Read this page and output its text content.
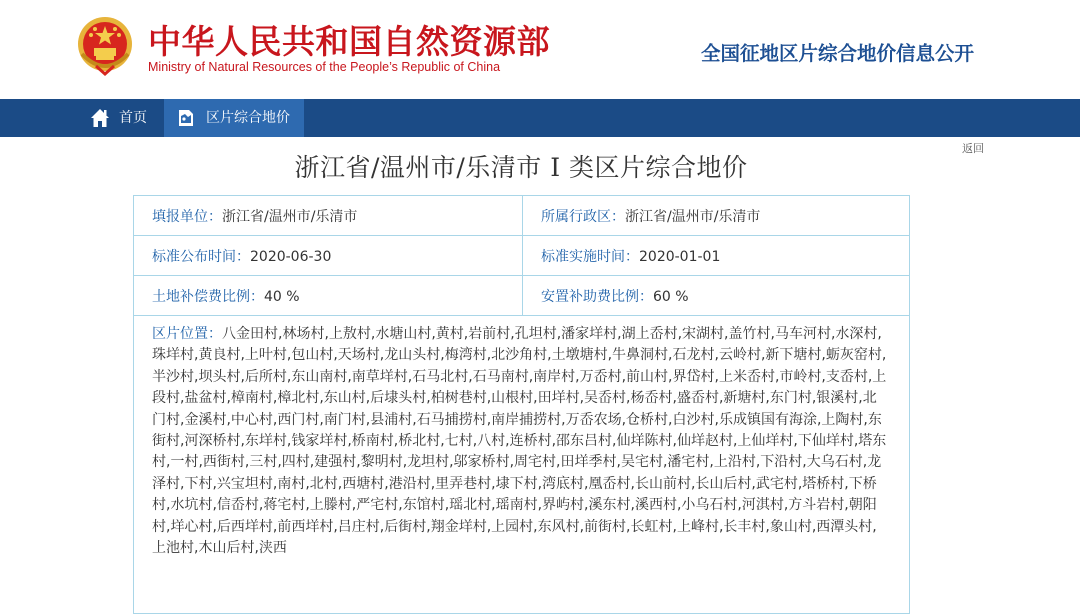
中华人民共和国自然资源部
Ministry of Natural Resources of the People’s Republic of China
全国征地区片综合地价信息公开
首页	区片综合地价
返回
浙江省/温州市/乐清市 I 类区片综合地价
填报单位：浙江省/温州市/乐清市	所属行政区：浙江省/温州市/乐清市
标准公布时间：2020-06-30	标准实施时间：2020-01-01
土地补偿费比例：40 %	安置补助费比例：60 %
区片位置：八金田村,林场村,上敖村,水塘山村,黄村,岩前村,孔坦村,潘家垟村,湖上岙村,宋湖村,盖竹村,马车河村,水深村,珠垟村,黄良村,上叶村,包山村,天场村,龙山头村,梅湾村,北沙角村,土墩塘村,牛鼻洞村,石龙村,云岭村,新下塘村,蛎灰窑村,半沙村,坝头村,后所村,东山南村,南草垟村,石马北村,石马南村,南岸村,万岙村,前山村,界岱村,上米岙村,市岭村,支岙村,上段村,盐盆村,樟南村,樟北村,东山村,后埭头村,柏树巷村,山根村,田垟村,吴岙村,杨岙村,盛岙村,新塘村,东门村,银溪村,北门村,金溪村,中心村,西门村,南门村,县浦村,石马捕捞村,南岸捕捞村,万岙农场,仓桥村,白沙村,乐成镇国有海涂,上陶村,东街村,河深桥村,东垟村,钱家垟村,桥南村,桥北村,七村,八村,连桥村,邵东吕村,仙垟陈村,仙垟赵村,上仙垟村,下仙垟村,塔东村,一村,西街村,三村,四村,建强村,黎明村,龙坦村,邬家桥村,周宅村,田垟季村,吴宅村,潘宅村,上沿村,下沿村,大乌石村,龙泽村,下村,兴宝坦村,南村,北村,西塘村,港沿村,里弄巷村,埭下村,湾底村,凰岙村,长山前村,长山后村,武宅村,塔桥村,下桥村,水坑村,信岙村,蒋宅村,上滕村,严宅村,东馆村,瑶北村,瑶南村,界屿村,溪东村,溪西村,小乌石村,河淇村,方斗岩村,朝阳村,垟心村,后西垟村,前西垟村,吕庄村,后街村,翔金垟村,上园村,东风村,前街村,长虹村,上峰村,长丰村,象山村,西潭头村,上池村,木山后村,浃西
